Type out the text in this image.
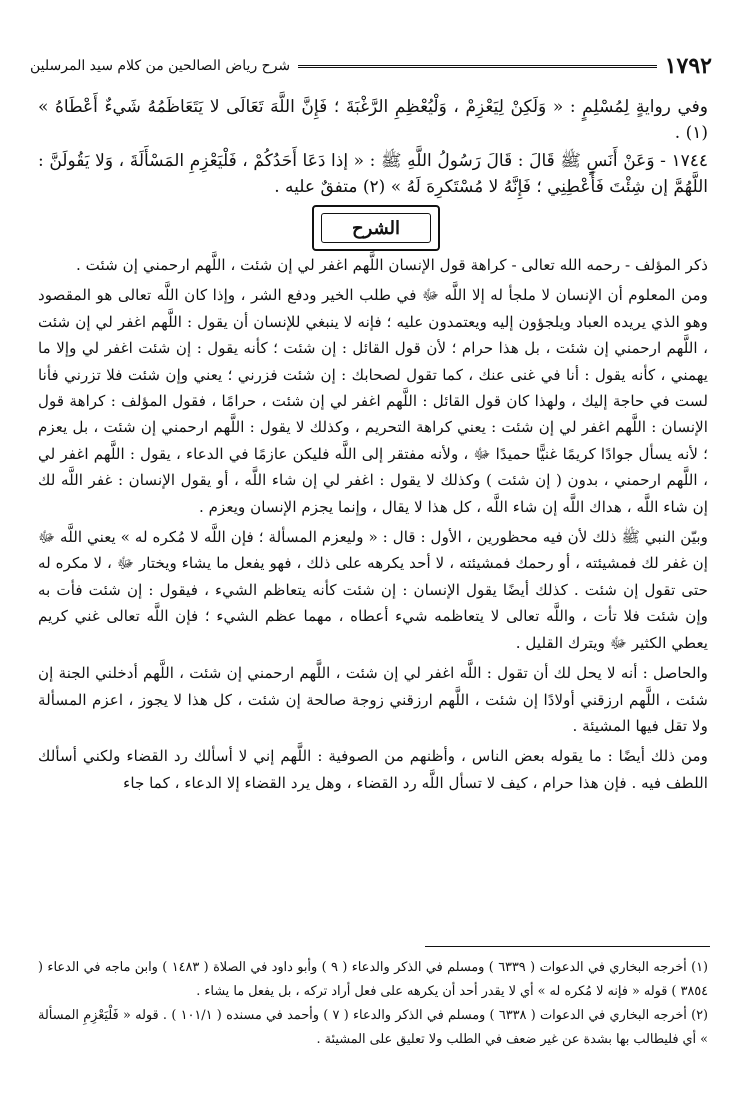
١٧٩٢
شرح رياض الصالحين من كلام سيد المرسلين

وفي روايةٍ لِمُسْلِمٍ : « وَلَكِنْ لِيَعْزِمْ ، وَلْيُعْظِمِ الرَّغْبَةَ ؛ فَإِنَّ اللَّهَ تَعَالَى لا يَتَعَاظَمُهُ شَيءٌ أَعْطَاهُ » (١) .

١٧٤٤ - وَعَنْ أَنَسٍ ﷺ قَالَ : قَالَ رَسُولُ اللَّهِ ﷺ : « إذا دَعَا أَحَدُكُمْ ، فَلْيَعْزِمِ المَسْأَلَةَ ، وَلا يَقُولَنَّ : اللَّهُمَّ إن شِئْتَ فَأَعْطِنِي ؛ فَإِنَّهُ لا مُسْتَكرِهَ لَهُ » (٢) متفقٌ عليه .

الشرح

ذكر المؤلف - رحمه الله تعالى - كراهة قول الإنسان اللَّهم اغفر لي إن شئت ، اللَّهم ارحمني إن شئت .

ومن المعلوم أن الإنسان لا ملجأ له إلا اللَّه ﷻ في طلب الخير ودفع الشر ، وإذا كان اللَّه تعالى هو المقصود وهو الذي يريده العباد ويلجؤون إليه ويعتمدون عليه ؛ فإنه لا ينبغي للإنسان أن يقول : اللَّهم اغفر لي إن شئت ، اللَّهم ارحمني إن شئت ، بل هذا حرام ؛ لأن قول القائل : إن شئت ؛ كأنه يقول : إن شئت اغفر لي وإلا ما يهمني ، كأنه يقول : أنا في غنى عنك ، كما تقول لصحابك : إن شئت فزرني ؛ يعني وإن شئت فلا تزرني فأنا لست في حاجة إليك ، ولهذا كان قول القائل : اللَّهم اغفر لي إن شئت ، حرامًا ، فقول المؤلف : كراهة قول الإنسان : اللَّهم اغفر لي إن شئت : يعني كراهة التحريم ، وكذلك لا يقول : اللَّهم ارحمني إن شئت ، بل يعزم ؛ لأنه يسأل جوادًا كريمًا غنيًّا حميدًا ﷻ ، ولأنه مفتقر إلى اللَّه فليكن عازمًا في الدعاء ، يقول : اللَّهم اغفر لي ، اللَّهم ارحمني ، بدون ( إن شئت ) وكذلك لا يقول : اغفر لي إن شاء اللَّه ، أو يقول الإنسان : غفر اللَّه لك إن شاء اللَّه ، هداك اللَّه إن شاء اللَّه ، كل هذا لا يقال ، وإنما يجزم الإنسان ويعزم .

وبيّن النبي ﷺ ذلك لأن فيه محظورين ، الأول : قال : « وليعزم المسألة ؛ فإن اللَّه لا مُكره له » يعني اللَّه ﷻ إن غفر لك فمشيئته ، أو رحمك فمشيئته ، لا أحد يكرهه على ذلك ، فهو يفعل ما يشاء ويختار ﷻ ، لا مكره له حتى تقول إن شئت . كذلك أيضًا يقول الإنسان : إن شئت كأنه يتعاظم الشيء ، فيقول : إن شئت فأت به وإن شئت فلا تأت ، واللَّه تعالى لا يتعاظمه شيء أعطاه ، مهما عظم الشيء ؛ فإن اللَّه تعالى غني كريم يعطي الكثير ﷻ ويترك القليل .

والحاصل : أنه لا يحل لك أن تقول : اللَّه اغفر لي إن شئت ، اللَّهم ارحمني إن شئت ، اللَّهم أدخلني الجنة إن شئت ، اللَّهم ارزقني أولادًا إن شئت ، اللَّهم ارزقني زوجة صالحة إن شئت ، كل هذا لا يجوز ، اعزم المسألة ولا تقل فيها المشيئة .

ومن ذلك أيضًا : ما يقوله بعض الناس ، وأظنهم من الصوفية : اللَّهم إني لا أسألك رد القضاء ولكني أسألك اللطف فيه . فإن هذا حرام ، كيف لا تسأل اللَّه رد القضاء ، وهل يرد القضاء إلا الدعاء ، كما جاء

(١) أخرجه البخاري في الدعوات ( ٦٣٣٩ ) ومسلم في الذكر والدعاء ( ٩ ) وأبو داود في الصلاة ( ١٤٨٣ ) وابن ماجه في الدعاء ( ٣٨٥٤ ) قوله « فإنه لا مُكره له » أي لا يقدر أحد أن يكرهه على فعل أراد تركه ، بل يفعل ما يشاء .

(٢) أخرجه البخاري في الدعوات ( ٦٣٣٨ ) ومسلم في الذكر والدعاء ( ٧ ) وأحمد في مسنده ( ١٠١/١ ) . قوله « فَلْيَعْزِمِ المسألة » أي فليطالب بها بشدة عن غير ضعف في الطلب ولا تعليق على المشيئة .
